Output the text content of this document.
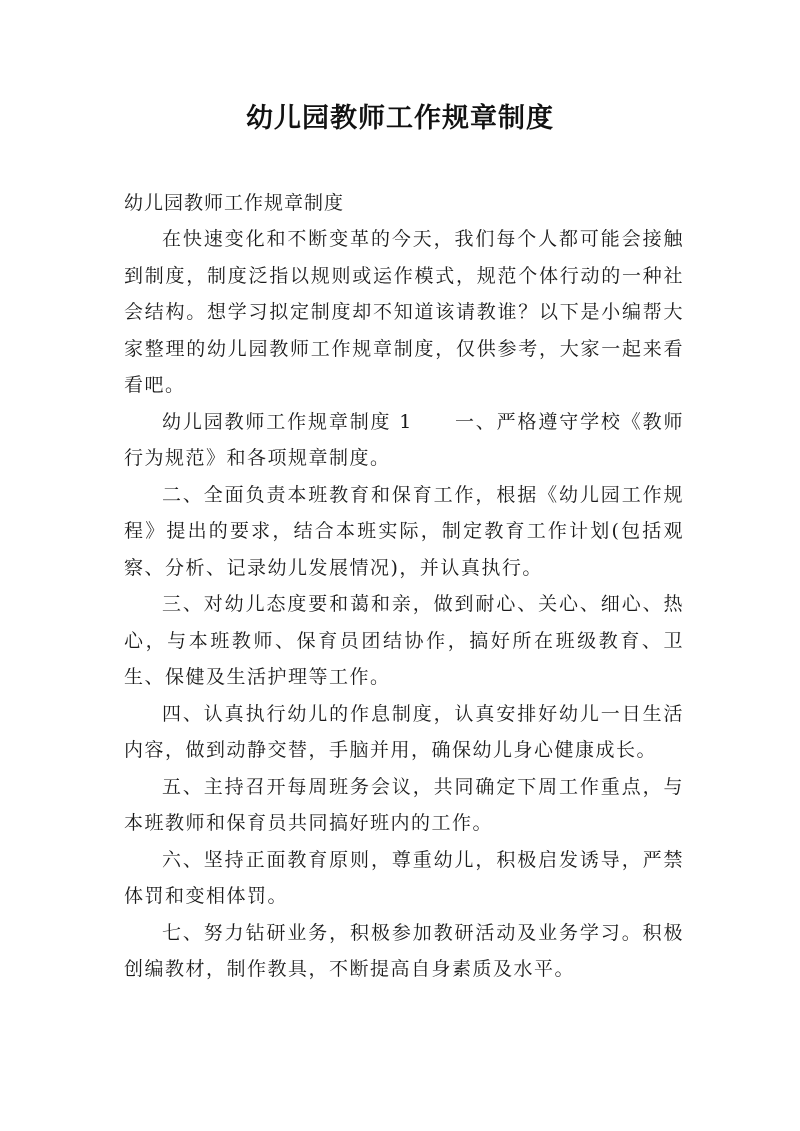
幼儿园教师工作规章制度

幼儿园教师工作规章制度

在快速变化和不断变革的今天，我们每个人都可能会接触到制度，制度泛指以规则或运作模式，规范个体行动的一种社会结构。想学习拟定制度却不知道该请教谁？以下是小编帮大家整理的幼儿园教师工作规章制度，仅供参考，大家一起来看看吧。

幼儿园教师工作规章制度 1　　一、严格遵守学校《教师行为规范》和各项规章制度。

二、全面负责本班教育和保育工作，根据《幼儿园工作规程》提出的要求，结合本班实际，制定教育工作计划(包括观察、分析、记录幼儿发展情况)，并认真执行。

三、对幼儿态度要和蔼和亲，做到耐心、关心、细心、热心，与本班教师、保育员团结协作，搞好所在班级教育、卫生、保健及生活护理等工作。

四、认真执行幼儿的作息制度，认真安排好幼儿一日生活内容，做到动静交替，手脑并用，确保幼儿身心健康成长。

五、主持召开每周班务会议，共同确定下周工作重点，与本班教师和保育员共同搞好班内的工作。

六、坚持正面教育原则，尊重幼儿，积极启发诱导，严禁体罚和变相体罚。

七、努力钻研业务，积极参加教研活动及业务学习。积极创编教材，制作教具，不断提高自身素质及水平。
